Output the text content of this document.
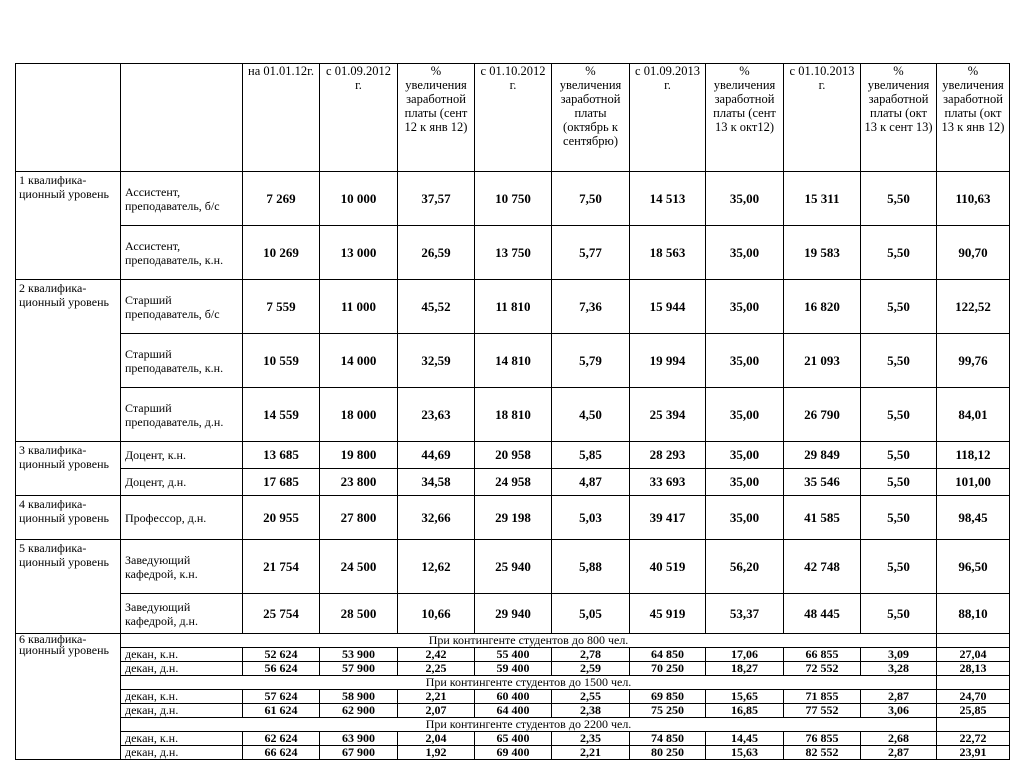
		на 01.01.12г.	с 01.09.2012 г.	% увеличения заработной платы (сент 12 к янв 12)	с 01.10.2012 г.	% увеличения заработной платы (октябрь к сентябрю)	с 01.09.2013 г.	% увеличения заработной платы (сент 13 к окт12)	с 01.10.2013 г.	% увеличения заработной платы (окт 13 к сент 13)	% увеличения заработной платы (окт 13 к янв 12)
1 квалифика-ционный уровень	Ассистент, преподаватель, б/с	7 269	10 000	37,57	10 750	7,50	14 513	35,00	15 311	5,50	110,63
	Ассистент, преподаватель, к.н.	10 269	13 000	26,59	13 750	5,77	18 563	35,00	19 583	5,50	90,70
2 квалифика-ционный уровень	Старший преподаватель, б/с	7 559	11 000	45,52	11 810	7,36	15 944	35,00	16 820	5,50	122,52
	Старший преподаватель, к.н.	10 559	14 000	32,59	14 810	5,79	19 994	35,00	21 093	5,50	99,76
	Старший преподаватель, д.н.	14 559	18 000	23,63	18 810	4,50	25 394	35,00	26 790	5,50	84,01
3 квалифика-ционный уровень	Доцент, к.н.	13 685	19 800	44,69	20 958	5,85	28 293	35,00	29 849	5,50	118,12
	Доцент, д.н.	17 685	23 800	34,58	24 958	4,87	33 693	35,00	35 546	5,50	101,00
4 квалифика-ционный уровень	Профессор, д.н.	20 955	27 800	32,66	29 198	5,03	39 417	35,00	41 585	5,50	98,45
5 квалифика-ционный уровень	Заведующий кафедрой, к.н.	21 754	24 500	12,62	25 940	5,88	40 519	56,20	42 748	5,50	96,50
	Заведующий кафедрой, д.н.	25 754	28 500	10,66	29 940	5,05	45 919	53,37	48 445	5,50	88,10
6 квалифика-ционный уровень	При контингенте студентов до 800 чел.										
	декан, к.н.	52 624	53 900	2,42	55 400	2,78	64 850	17,06	66 855	3,09	27,04
	декан, д.н.	56 624	57 900	2,25	59 400	2,59	70 250	18,27	72 552	3,28	28,13
	При контингенте студентов до 1500 чел.										
	декан, к.н.	57 624	58 900	2,21	60 400	2,55	69 850	15,65	71 855	2,87	24,70
	декан, д.н.	61 624	62 900	2,07	64 400	2,38	75 250	16,85	77 552	3,06	25,85
	При контингенте студентов до 2200 чел.										
	декан, к.н.	62 624	63 900	2,04	65 400	2,35	74 850	14,45	76 855	2,68	22,72
	декан, д.н.	66 624	67 900	1,92	69 400	2,21	80 250	15,63	82 552	2,87	23,91
